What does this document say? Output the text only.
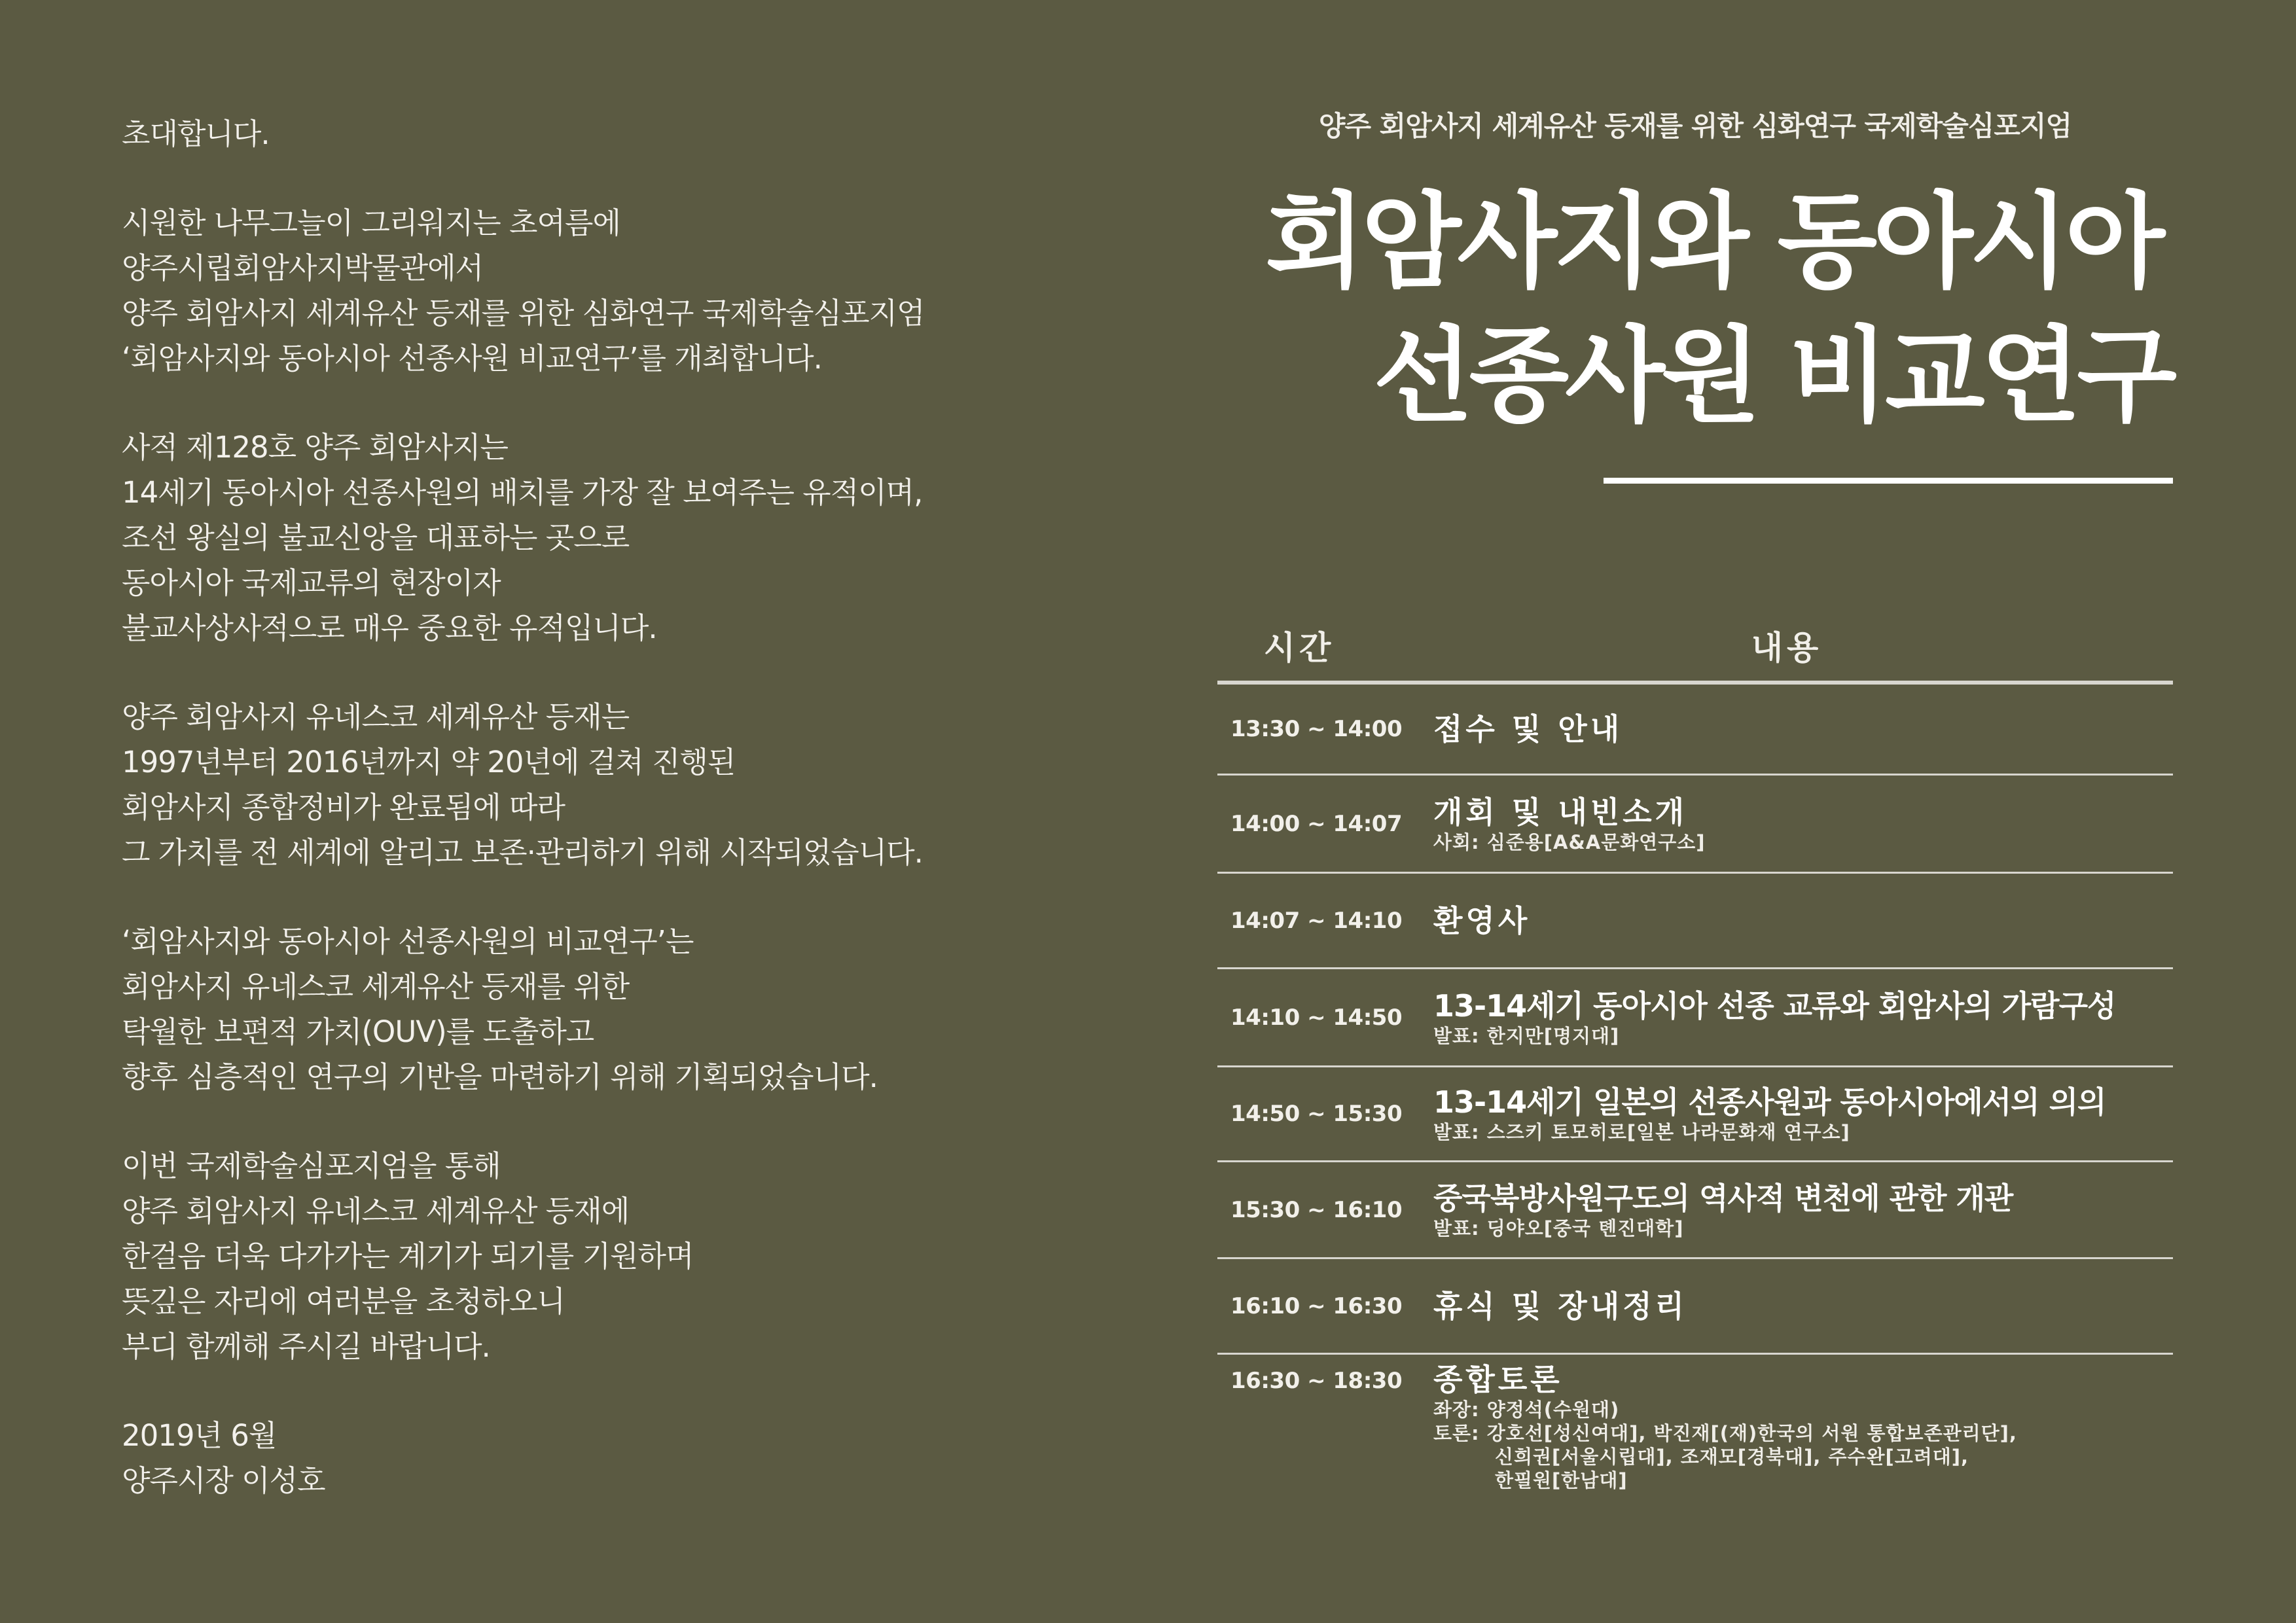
초대합니다.
시원한 나무그늘이 그리워지는 초여름에
양주시립회암사지박물관에서
양주 회암사지 세계유산 등재를 위한 심화연구 국제학술심포지엄
‘회암사지와 동아시아 선종사원 비교연구’를 개최합니다.
사적 제128호 양주 회암사지는
14세기 동아시아 선종사원의 배치를 가장 잘 보여주는 유적이며,
조선 왕실의 불교신앙을 대표하는 곳으로
동아시아 국제교류의 현장이자
불교사상사적으로 매우 중요한 유적입니다.
양주 회암사지 유네스코 세계유산 등재는
1997년부터 2016년까지 약 20년에 걸쳐 진행된
회암사지 종합정비가 완료됨에 따라
그 가치를 전 세계에 알리고 보존·관리하기 위해 시작되었습니다.
‘회암사지와 동아시아 선종사원의 비교연구’는
회암사지 유네스코 세계유산 등재를 위한
탁월한 보편적 가치(OUV)를 도출하고
향후 심층적인 연구의 기반을 마련하기 위해 기획되었습니다.
이번 국제학술심포지엄을 통해
양주 회암사지 유네스코 세계유산 등재에
한걸음 더욱 다가가는 계기가 되기를 기원하며
뜻깊은 자리에 여러분을 초청하오니
부디 함께해 주시길 바랍니다.
2019년 6월
양주시장 이성호
양주 회암사지 세계유산 등재를 위한 심화연구 국제학술심포지엄
회암사지와 동아시아
선종사원 비교연구
시간	내용
13:30 ~ 14:00	접수 및 안내
14:00 ~ 14:07	개회 및 내빈소개
사회: 심준용[A&A문화연구소]
14:07 ~ 14:10	환영사
14:10 ~ 14:50	13-14세기 동아시아 선종 교류와 회암사의 가람구성
발표: 한지만[명지대]
14:50 ~ 15:30	13-14세기 일본의 선종사원과 동아시아에서의 의의
발표: 스즈키 토모히로[일본 나라문화재 연구소]
15:30 ~ 16:10	중국북방사원구도의 역사적 변천에 관한 개관
발표: 딩야오[중국 톈진대학]
16:10 ~ 16:30	휴식 및 장내정리
16:30 ~ 18:30	종합토론
좌장: 양정석(수원대)
토론: 강호선[성신여대], 박진재[(재)한국의 서원 통합보존관리단],
신희권[서울시립대], 조재모[경북대], 주수완[고려대],
한필원[한남대]
